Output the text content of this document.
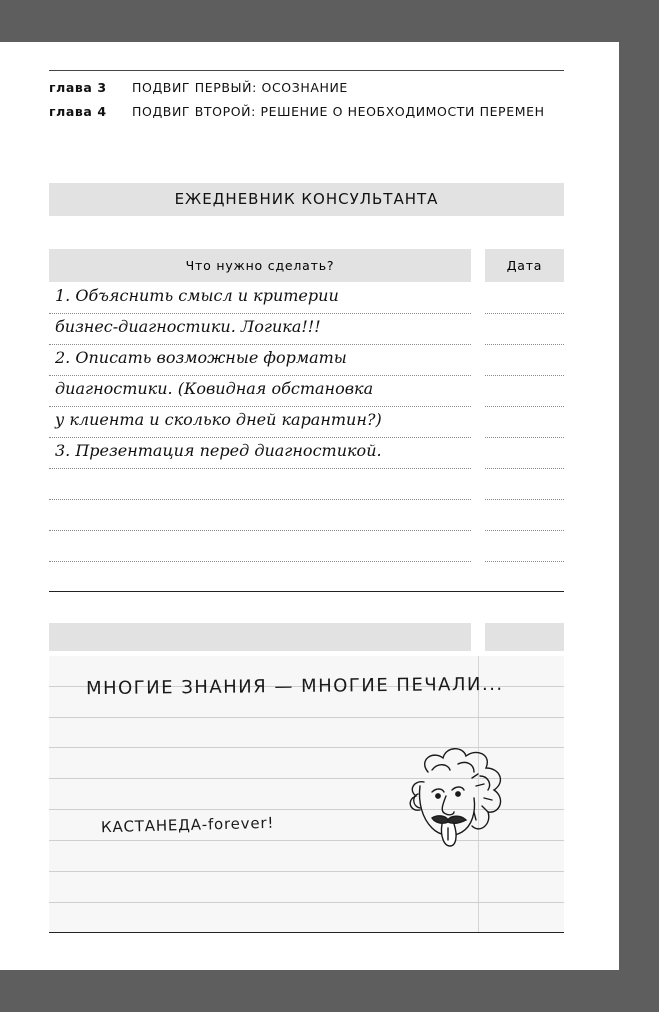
глава 3 ПОДВИГ ПЕРВЫЙ: ОСОЗНАНИЕ
глава 4 ПОДВИГ ВТОРОЙ: РЕШЕНИЕ О НЕОБХОДИМОСТИ ПЕРЕМЕН
ЕЖЕДНЕВНИК КОНСУЛЬТАНТА
Что нужно сделать?	Дата
1. Объяснить смысл и критерии
бизнес-диагностики. Логика!!!
2. Описать возможные форматы
диагностики. (Ковидная обстановка
у клиента и сколько дней карантин?)
3. Презентация перед диагностикой.
МНОГИЕ ЗНАНИЯ — МНОГИЕ ПЕЧАЛИ...
КАСТАНЕДА-forever!
